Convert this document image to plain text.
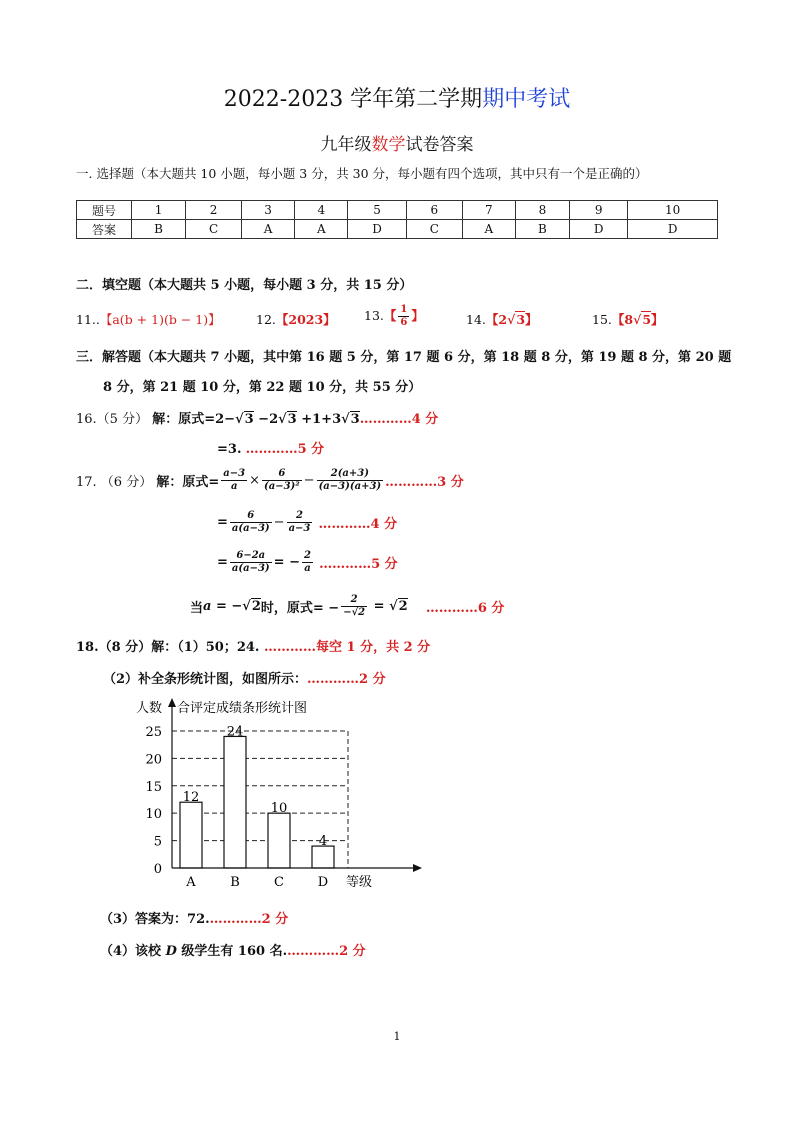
2022-2023 学年第二学期期中考试
九年级数学试卷答案
一. 选择题（本大题共 10 小题，每小题 3 分，共 30 分，每小题有四个选项，其中只有一个是正确的）
题号	1	2	3	4	5	6	7	8	9	10
答案	B	C	A	A	D	C	A	B	D	D
二．填空题（本大题共 5 小题，每小题 3 分，共 15 分）
11..【a(b + 1)(b − 1)】	12.【2023】 13.【 $\frac{1}{6}$ 】	14.【2√3】	15.【8√5】
三．解答题（本大题共 7 小题，其中第 16 题 5 分，第 17 题 6 分，第 18 题 8 分，第 19 题 8 分，第 20 题
8 分，第 21 题 10 分，第 22 题 10 分，共 55 分）
16.（5 分） 解：原式=2−√3 −2√3 +1+3√3…………4 分
=3. …………5 分
17. （6 分） 解：原式= $\frac{a-3}{a} \times \frac{6}{\text{(a−3)²}} - \frac{2(a+3)}{(a-3)(a+3)}$ …………3 分
= $\frac{6}{a(a-3)} - \frac{2}{a-3}$ …………4 分
= $\frac{6-2a}{a(a-3)}$ = − $\frac{2}{a}$ …………5 分
当a = −√2时，原式= − $\frac{2}{-√2} = √2$ …………6 分
18.（8 分）解：（1）50；24. …………每空 1 分，共 2 分
（2）补全条形统计图，如图所示：…………2 分
人数 合评定成绩条形统计图
等级
12
24
10
4
0
5
10
15
20
25
A	B	C	D
（3）答案为：72.…………2 分
（4）该校 D 级学生有 160 名.…………2 分
1
